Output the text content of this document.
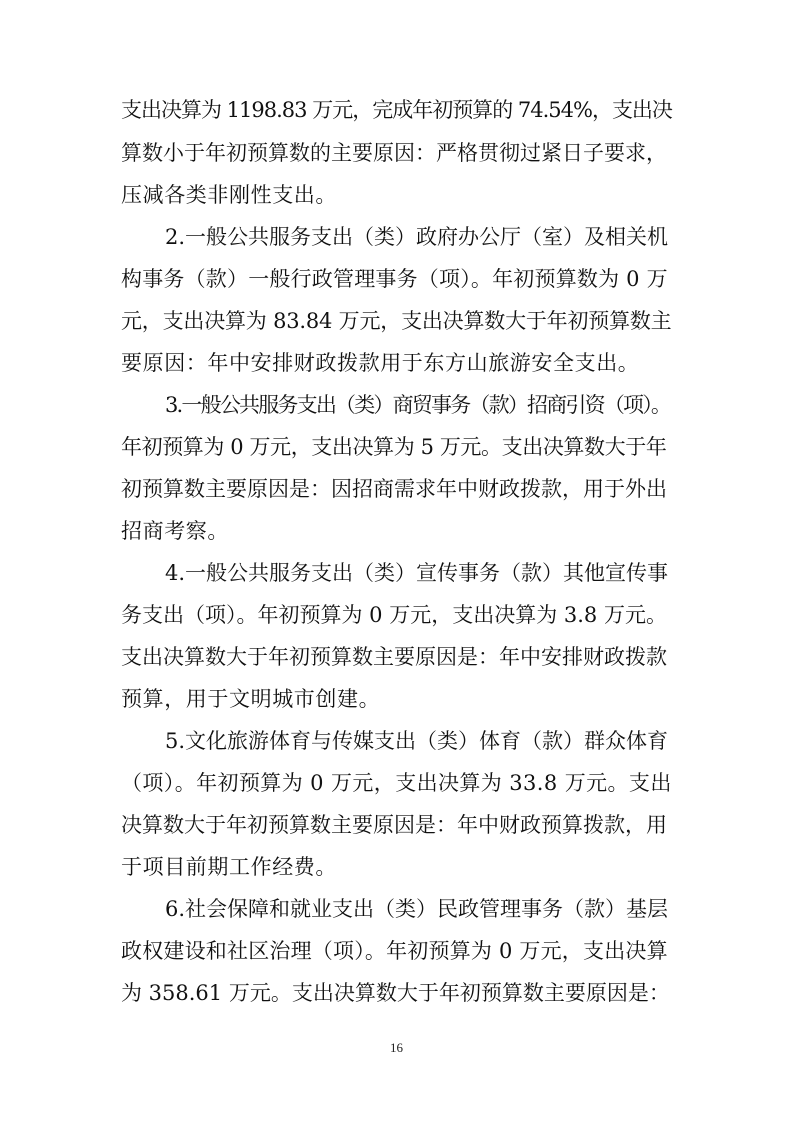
支出决算为 1198.83 万元，完成年初预算的 74.54%，支出决
算数小于年初预算数的主要原因：严格贯彻过紧日子要求，
压减各类非刚性支出。
2.一般公共服务支出（类）政府办公厅（室）及相关机
构事务（款）一般行政管理事务（项）。年初预算数为 0 万
元，支出决算为 83.84 万元，支出决算数大于年初预算数主
要原因：年中安排财政拨款用于东方山旅游安全支出。
3.一般公共服务支出（类）商贸事务（款）招商引资（项）。
年初预算为 0 万元，支出决算为 5 万元。支出决算数大于年
初预算数主要原因是：因招商需求年中财政拨款，用于外出
招商考察。
4.一般公共服务支出（类）宣传事务（款）其他宣传事
务支出（项）。年初预算为 0 万元，支出决算为 3.8 万元。
支出决算数大于年初预算数主要原因是：年中安排财政拨款
预算，用于文明城市创建。
5.文化旅游体育与传媒支出（类）体育（款）群众体育
（项）。年初预算为 0 万元，支出决算为 33.8 万元。支出
决算数大于年初预算数主要原因是：年中财政预算拨款，用
于项目前期工作经费。
6.社会保障和就业支出（类）民政管理事务（款）基层
政权建设和社区治理（项）。年初预算为 0 万元，支出决算
为 358.61 万元。支出决算数大于年初预算数主要原因是：
16
